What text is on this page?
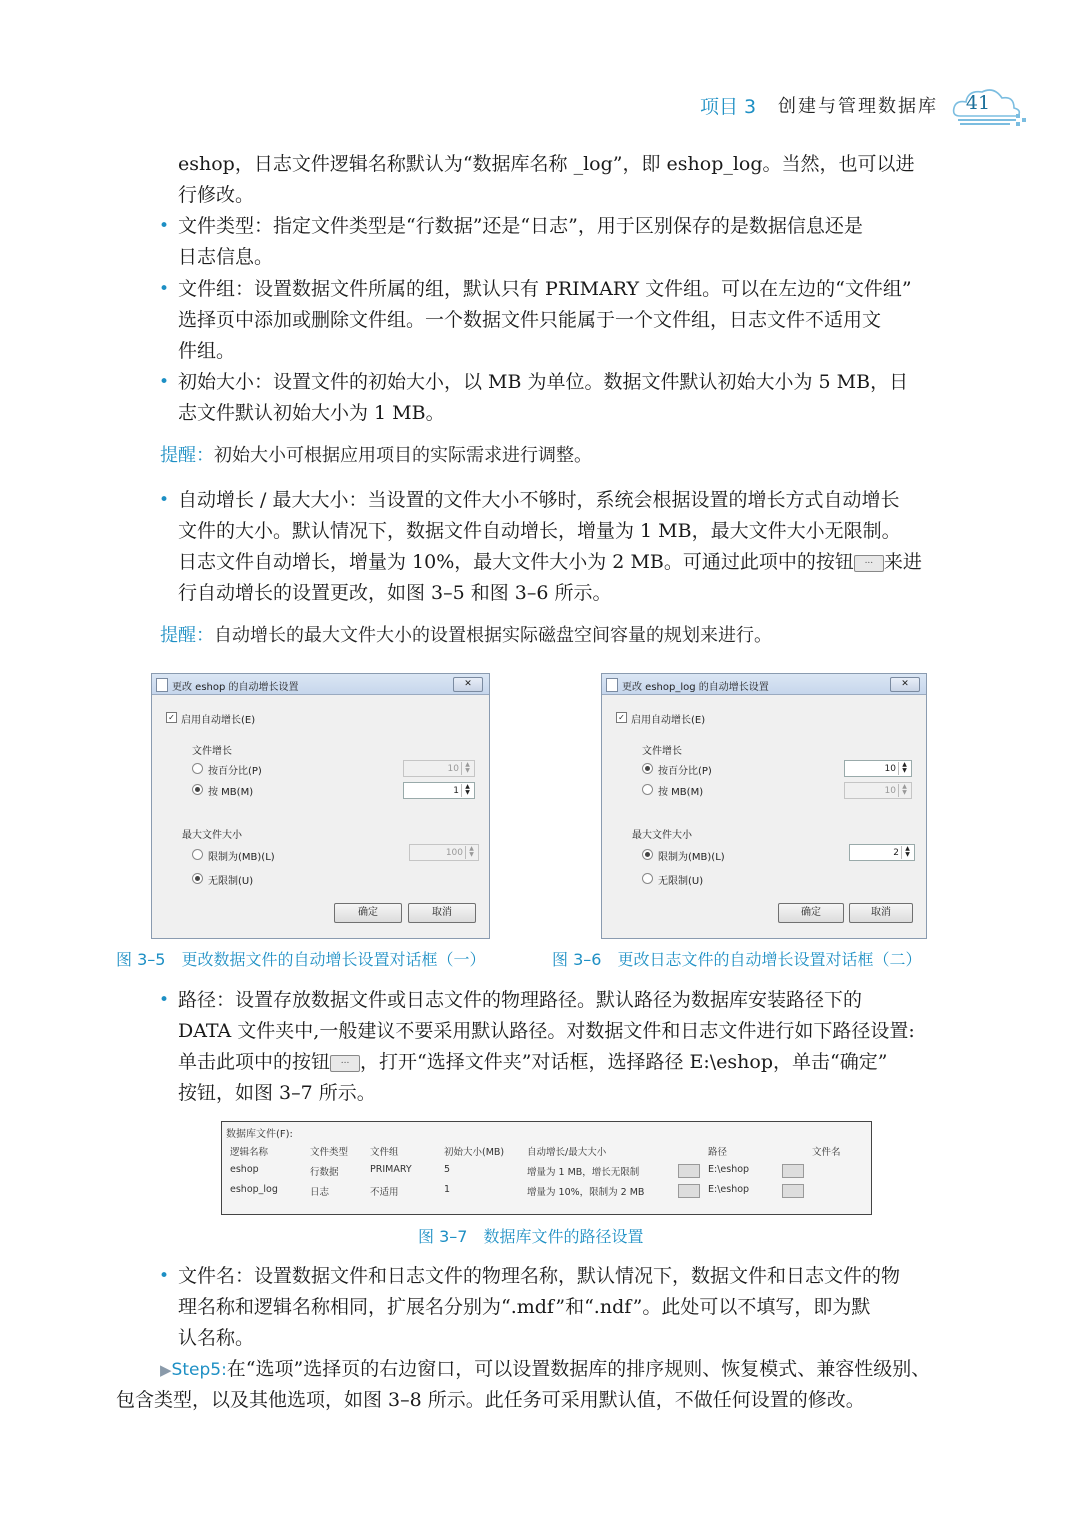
项目 3 创建与管理数据库	41
eshop，日志文件逻辑名称默认为“数据库名称 _log”，即 eshop_log。当然，也可以进
行修改。
• 文件类型：指定文件类型是“行数据”还是“日志”，用于区别保存的是数据信息还是
日志信息。
• 文件组：设置数据文件所属的组，默认只有 PRIMARY 文件组。可以在左边的“文件组”
选择页中添加或删除文件组。一个数据文件只能属于一个文件组，日志文件不适用文
件组。
• 初始大小：设置文件的初始大小，以 MB 为单位。数据文件默认初始大小为 5 MB，日
志文件默认初始大小为 1 MB。
提醒：初始大小可根据应用项目的实际需求进行调整。
• 自动增长 / 最大大小：当设置的文件大小不够时，系统会根据设置的增长方式自动增长
文件的大小。默认情况下，数据文件自动增长，增量为 1 MB，最大文件大小无限制。
日志文件自动增长，增量为 10%，最大文件大小为 2 MB。可通过此项中的按钮 ... 来进
行自动增长的设置更改，如图 3–5 和图 3–6 所示。
提醒：自动增长的最大文件大小的设置根据实际磁盘空间容量的规划来进行。
更改 eshop 的自动增长设置	✕
✓ 启用自动增长(E)
文件增长
按百分比(P)	10	▲
▼
按 MB(M)	1	▲
▼
最大文件大小
限制为(MB)(L)	100	▲
▼
无限制(U)
确定	取消
更改 eshop_log 的自动增长设置	✕
✓ 启用自动增长(E)
文件增长
按百分比(P)	10	▲
▼
按 MB(M)	10	▲
▼
最大文件大小
限制为(MB)(L)	2	▲
▼
无限制(U)
确定	取消
图 3–5　更改数据文件的自动增长设置对话框（一）	图 3–6　更改日志文件的自动增长设置对话框（二）
• 路径：设置存放数据文件或日志文件的物理路径。默认路径为数据库安装路径下的
DATA 文件夹中,一般建议不要采用默认路径。对数据文件和日志文件进行如下路径设置:
单击此项中的按钮 ... ，打开“选择文件夹”对话框，选择路径 E:\eshop，单击“确定”
按钮，如图 3–7 所示。
数据库文件(F):
逻辑名称	文件类型 文件组	初始大小(MB) 自动增长/最大大小	路径	文件名
eshop	行数据	PRIMARY	5	增量为 1 MB，增长无限制	E:\eshop
eshop_log	日志	不适用	1	增量为 10%，限制为 2 MB	E:\eshop
图 3–7　数据库文件的路径设置
• 文件名：设置数据文件和日志文件的物理名称，默认情况下，数据文件和日志文件的物
理名称和逻辑名称相同，扩展名分别为“.mdf”和“.ndf”。此处可以不填写，即为默
认名称。
▶Step5:在“选项”选择页的右边窗口，可以设置数据库的排序规则、恢复模式、兼容性级别、
包含类型，以及其他选项，如图 3–8 所示。此任务可采用默认值，不做任何设置的修改。
